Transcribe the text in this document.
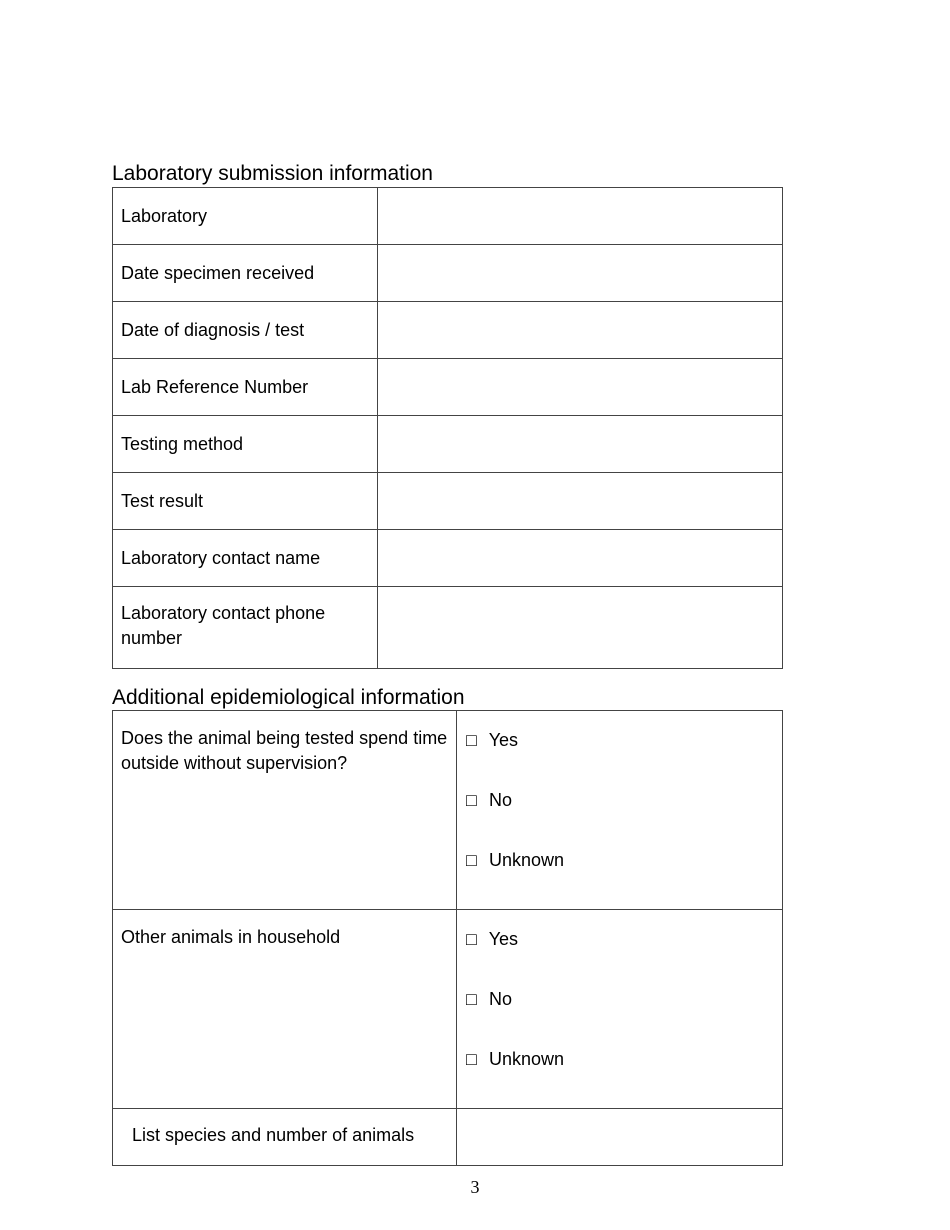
Laboratory submission information
Laboratory	
Date specimen received	
Date of diagnosis / test	
Lab Reference Number	
Testing method	
Test result	
Laboratory contact name	
Laboratory contact phone number	
Additional epidemiological information
Does the animal being tested spend time outside without supervision?	□ Yes
□ No
□ Unknown

Other animals in household	□ Yes
□ No
□ Unknown

List species and number of animals	
3
